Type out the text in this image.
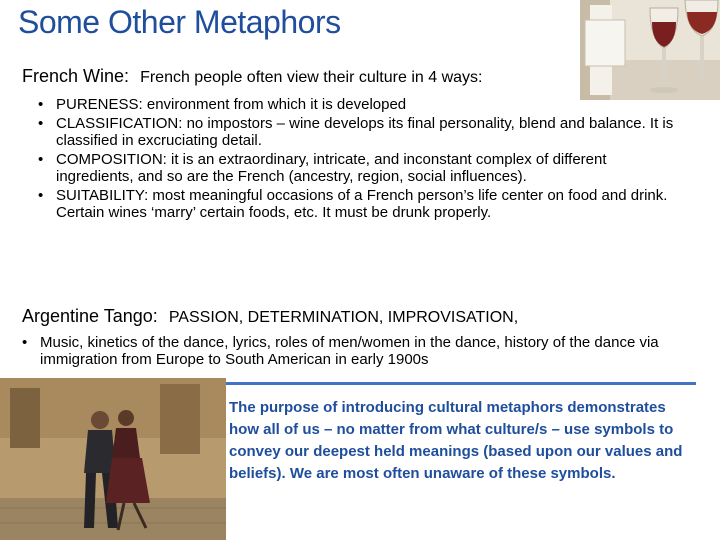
Some Other Metaphors
French Wine: French people often view their culture in 4 ways:
• PURENESS: environment from which it is developed
• CLASSIFICATION: no impostors – wine develops its final personality, blend and balance. It is classified in excruciating detail.
• COMPOSITION: it is an extraordinary, intricate, and inconstant complex of different ingredients, and so are the French (ancestry, region, social influences).
• SUITABILITY: most meaningful occasions of a French person’s life center on food and drink. Certain wines ‘marry’ certain foods, etc. It must be drunk properly.
Argentine Tango: PASSION, DETERMINATION, IMPROVISATION,
• Music, kinetics of the dance, lyrics, roles of men/women in the dance, history of the dance via immigration from Europe to South American in early 1900s
The purpose of introducing cultural metaphors demonstrates how all of us – no matter from what culture/s – use symbols to convey our deepest held meanings (based upon our values and beliefs). We are most often unaware of these symbols.
